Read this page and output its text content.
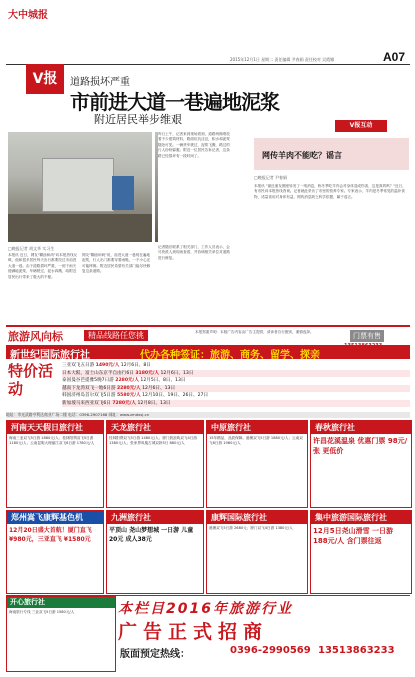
大中城报
2015年12月1日 星期二 责任编辑 尹春娟 责任校对 吴霞娜	A07
V报	道路损坏严重
市前进大道一巷遍地泥浆
附近居民举步维艰
□晚报记者 胡文华 实习生
本报讯 近日，网友"糊涂和尚"向本报热线反映，他和很多居民每天出行都要经过市前进大道一巷。由于道路损坏严重，一到下雨天便满地泥浆，车辆驶过，泥水四溅，给附近居民出行带来了极大的不便。
网友"糊涂和尚"说，前进大道一巷现在遍地泥浆，行人出门都要穿着雨鞋，一不小心还可能摔倒。附近居民希望有关部门能尽快修复这条道路。
昨日上午，记者来到现场看到，道路两侧堆放着不少建筑材料，路面坑坑洼洼，积水和泥浆随处可见。一辆货车驶过，泥浆飞溅，路过的行人纷纷躲避。附近一位居民告诉记者，这条路已经损坏有一段时间了。
记者随后联系了相关部门，工作人员表示，会尽快派人到现场查看，并协调相关单位对道路进行修复。
V报互动
网传羊肉不能吃？谣言
□晚报记者 尹春娟
本报讯 "最近朋友圈里转发了一则消息，称冬季吃羊肉会对身体造成伤害，这是真的吗？"近日，有市民向本报热线咨询。记者就此采访了市里的营养专家。专家表示，羊肉是冬季常见的温补食物，适量食用对身体有益，网传消息缺乏科学依据，属于谣言。
旅游风向标	精品线路任您挑	本报郑重声明：本版广告内容由广告主提供，请读者自行甄别，谨慎选择。	门票有售
新世纪国际旅行社	代办各种签证：旅游、商务、留学、探亲
特价活动
三亚双飞五日游 1490元/人 12月6日、8日
日本大阪、富士山东京半自由行6日 3180元/人 12月6日、13日
泰国曼谷芭提雅5晚7日游 2280元/人 12月5日、8日、13日
越南下龙湾双飞一地6日游 2280元/人 12月6日、13日
韩国济州岛首尔双飞5日游 5580元/人 12月10日、19日、26日、27日
新加坡马来西亚双飞6日 7280元/人 12月8日、13日
地址：市光武路亨利达商业广场二楼 电话：0396-2907168 网址：www.zmdxsj.cn
河南天天假日旅行社
海南三亚双飞5日游 1880元/人；桂林阳朔双飞5日游 1180元/人；云南昆明大理丽江双飞6日游 1780元/人
天龙旅行社
桂林阳朔双飞5日游 1480元/人；厦门鼓浪屿双飞4日游 1380元/人；张家界凤凰古城双卧5日 880元/人
中原旅行社
15年精品，品质保障。港澳双飞5日游 1880元/人；云南双飞6日游 1980元/人
春秋旅行社
许昌花溪温泉 优惠门票 98元/张 更低价
郑州嵩飞康辉基色机
12月20日盛大首航！厦门直飞 ¥980元，三亚直飞 ¥1580元
九洲旅行社
平顶山 尧山梦想城 一日游 儿童20元 成人38元
康辉国际旅行社
港澳双飞5日游 2680元；厦门双飞4日游 1380元/人
集中旅游国际旅行社
12月5日尧山滑雪 一日游 188元/人 含门票往返
开心旅行社
海南旅行专线 三亚双飞5日游 1580元/人	本栏目2016年旅游行业
广告正式招商
版面预定热线：	0396-2990569 13513863233
